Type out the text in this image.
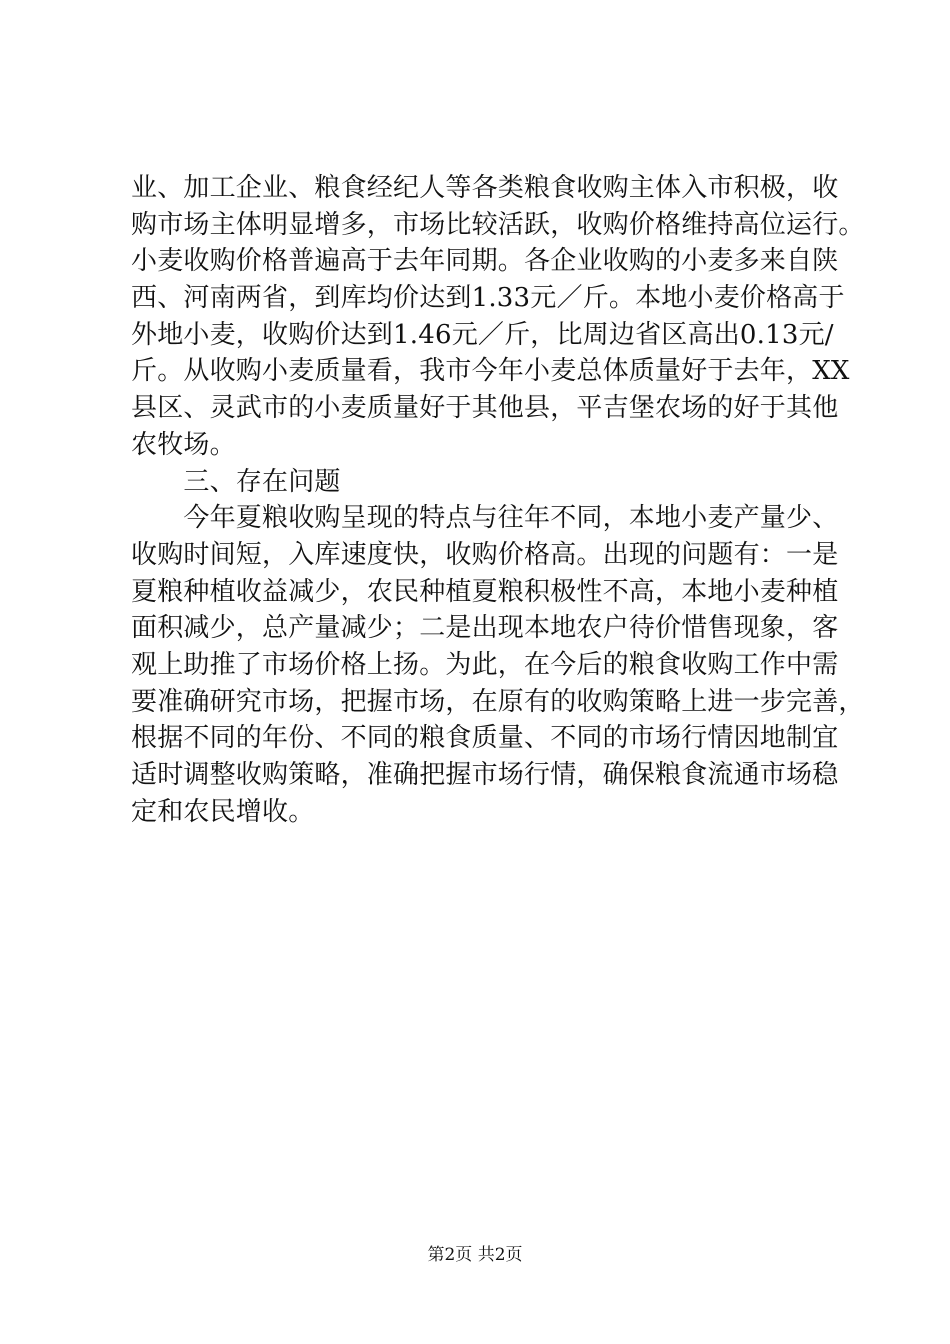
业、加工企业、粮食经纪人等各类粮食收购主体入市积极，收
购市场主体明显增多，市场比较活跃，收购价格维持高位运行。
小麦收购价格普遍高于去年同期。各企业收购的小麦多来自陕
西、河南两省，到库均价达到1.33元／斤。本地小麦价格高于
外地小麦，收购价达到1.46元／斤，比周边省区高出0.13元/
斤。从收购小麦质量看，我市今年小麦总体质量好于去年，XX
县区、灵武市的小麦质量好于其他县，平吉堡农场的好于其他
农牧场。
　　三、存在问题
　　今年夏粮收购呈现的特点与往年不同，本地小麦产量少、
收购时间短，入库速度快，收购价格高。出现的问题有：一是
夏粮种植收益减少，农民种植夏粮积极性不高，本地小麦种植
面积减少，总产量减少；二是出现本地农户待价惜售现象，客
观上助推了市场价格上扬。为此，在今后的粮食收购工作中需
要准确研究市场，把握市场，在原有的收购策略上进一步完善，
根据不同的年份、不同的粮食质量、不同的市场行情因地制宜
适时调整收购策略，准确把握市场行情，确保粮食流通市场稳
定和农民增收。
第2页 共2页
